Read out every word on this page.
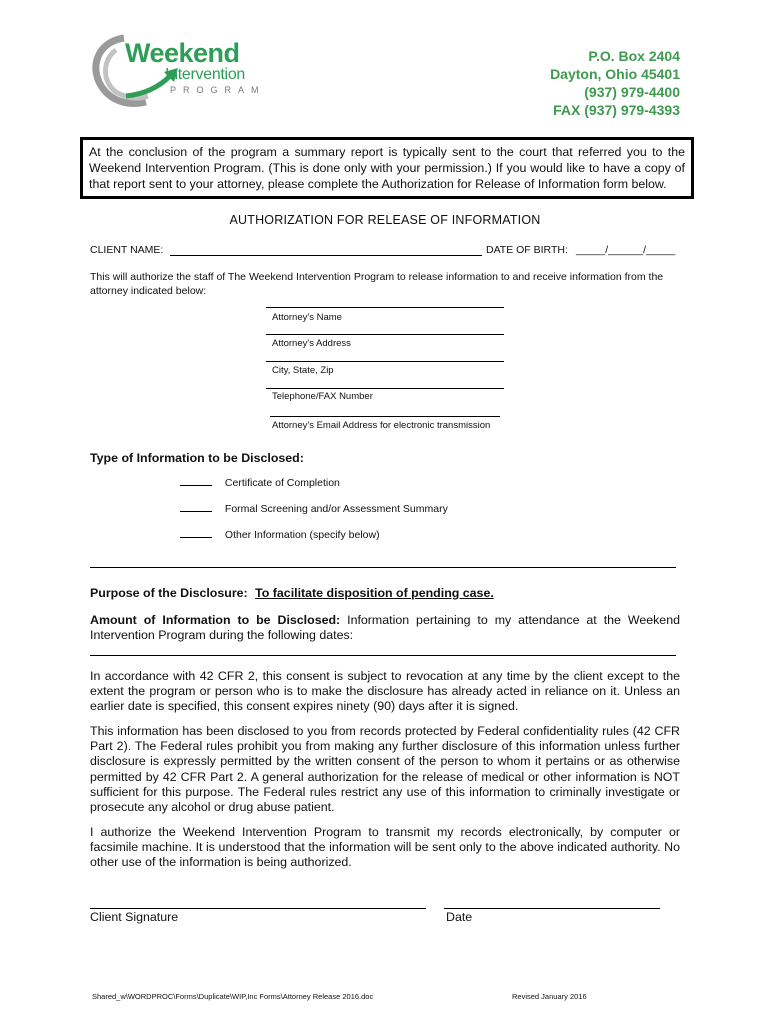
Weekend
Intervention
PROGRAM
P.O. Box 2404
Dayton, Ohio 45401
(937) 979-4400
FAX (937) 979-4393
At the conclusion of the program a summary report is typically sent to the court that referred you to the Weekend Intervention Program. (This is done only with your permission.) If you would like to have a copy of that report sent to your attorney, please complete the Authorization for Release of Information form below.
AUTHORIZATION FOR RELEASE OF INFORMATION
CLIENT NAME:	DATE OF BIRTH: _____/______/_____
This will authorize the staff of The Weekend Intervention Program to release information to and receive information from the attorney indicated below:
Attorney's Name
Attorney's Address
City, State, Zip
Telephone/FAX Number
Attorney's Email Address for electronic transmission
Type of Information to be Disclosed:
Certificate of Completion
Formal Screening and/or Assessment Summary
Other Information (specify below)
Purpose of the Disclosure: To facilitate disposition of pending case.
Amount of Information to be Disclosed: Information pertaining to my attendance at the Weekend Intervention Program during the following dates:
In accordance with 42 CFR 2, this consent is subject to revocation at any time by the client except to the extent the program or person who is to make the disclosure has already acted in reliance on it. Unless an earlier date is specified, this consent expires ninety (90) days after it is signed.
This information has been disclosed to you from records protected by Federal confidentiality rules (42 CFR Part 2). The Federal rules prohibit you from making any further disclosure of this information unless further disclosure is expressly permitted by the written consent of the person to whom it pertains or as otherwise permitted by 42 CFR Part 2. A general authorization for the release of medical or other information is NOT sufficient for this purpose. The Federal rules restrict any use of this information to criminally investigate or prosecute any alcohol or drug abuse patient.
I authorize the Weekend Intervention Program to transmit my records electronically, by computer or facsimile machine. It is understood that the information will be sent only to the above indicated authority. No other use of the information is being authorized.
Client Signature	Date
Shared_w\WORDPROC\Forms\Duplicate\WIP,Inc Forms\Attorney Release 2016.doc	Revised January 2016
